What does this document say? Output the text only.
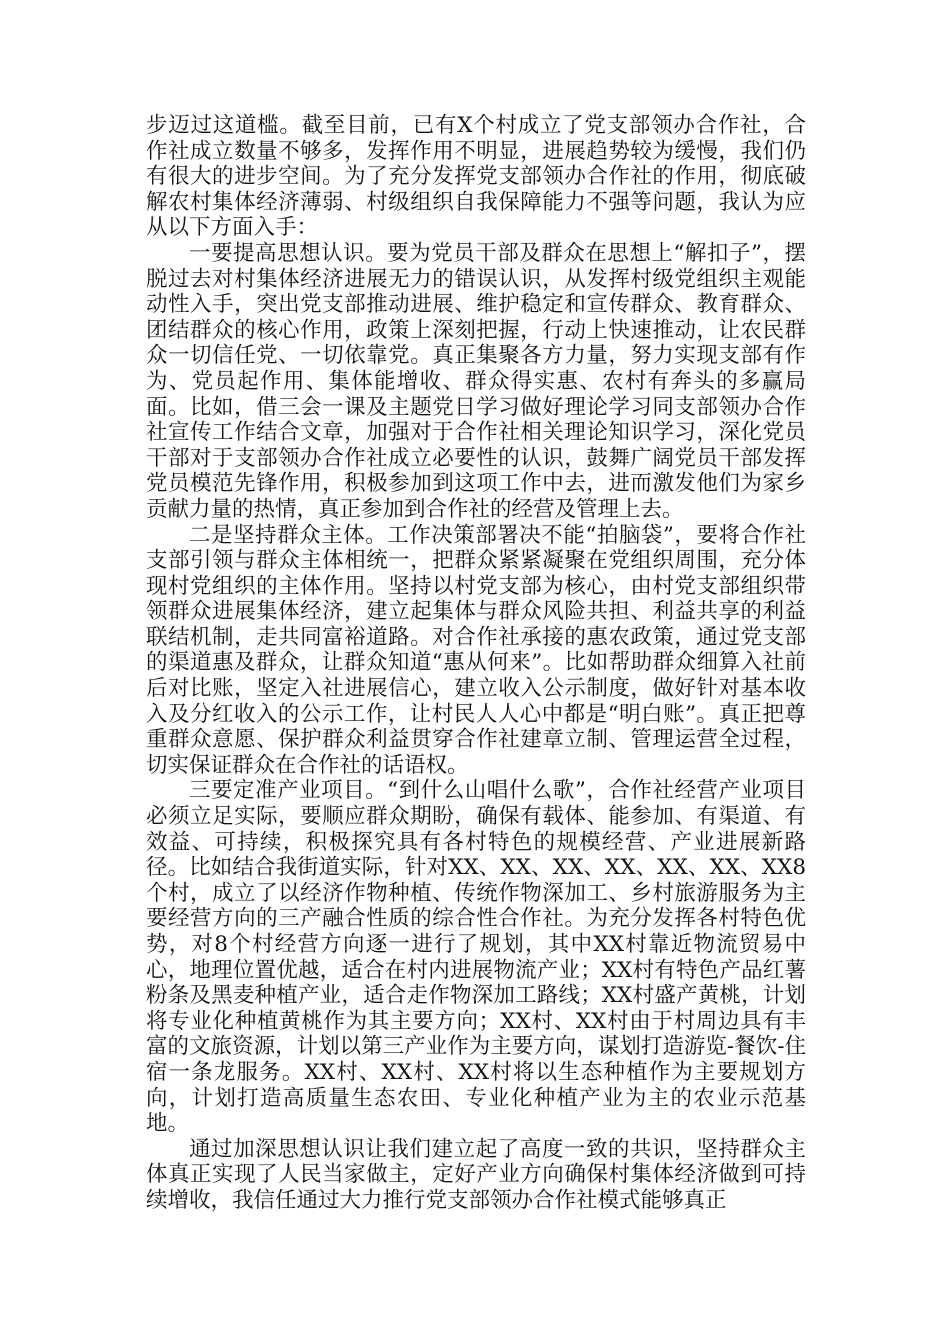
步迈过这道槛。截至目前，已有X个村成立了党支部领办合作社，合作社成立数量不够多，发挥作用不明显，进展趋势较为缓慢，我们仍有很大的进步空间。为了充分发挥党支部领办合作社的作用，彻底破解农村集体经济薄弱、村级组织自我保障能力不强等问题，我认为应从以下方面入手：

一要提高思想认识。要为党员干部及群众在思想上“解扣子”，摆脱过去对村集体经济进展无力的错误认识，从发挥村级党组织主观能动性入手，突出党支部推动进展、维护稳定和宣传群众、教育群众、团结群众的核心作用，政策上深刻把握，行动上快速推动，让农民群众一切信任党、一切依靠党。真正集聚各方力量，努力实现支部有作为、党员起作用、集体能增收、群众得实惠、农村有奔头的多赢局面。比如，借三会一课及主题党日学习做好理论学习同支部领办合作社宣传工作结合文章，加强对于合作社相关理论知识学习，深化党员干部对于支部领办合作社成立必要性的认识，鼓舞广阔党员干部发挥党员模范先锋作用，积极参加到这项工作中去，进而激发他们为家乡贡献力量的热情，真正参加到合作社的经营及管理上去。

二是坚持群众主体。工作决策部署决不能“拍脑袋”，要将合作社支部引领与群众主体相统一，把群众紧紧凝聚在党组织周围，充分体现村党组织的主体作用。坚持以村党支部为核心，由村党支部组织带领群众进展集体经济，建立起集体与群众风险共担、利益共享的利益联结机制，走共同富裕道路。对合作社承接的惠农政策，通过党支部的渠道惠及群众，让群众知道“惠从何来”。比如帮助群众细算入社前后对比账，坚定入社进展信心，建立收入公示制度，做好针对基本收入及分红收入的公示工作，让村民人人心中都是“明白账”。真正把尊重群众意愿、保护群众利益贯穿合作社建章立制、管理运营全过程，切实保证群众在合作社的话语权。

三要定准产业项目。“到什么山唱什么歌”，合作社经营产业项目必须立足实际，要顺应群众期盼，确保有载体、能参加、有渠道、有效益、可持续，积极探究具有各村特色的规模经营、产业进展新路径。比如结合我街道实际，针对XX、XX、XX、XX、XX、XX、XX8个村，成立了以经济作物种植、传统作物深加工、乡村旅游服务为主要经营方向的三产融合性质的综合性合作社。为充分发挥各村特色优势，对8个村经营方向逐一进行了规划，其中XX村靠近物流贸易中心，地理位置优越，适合在村内进展物流产业；XX村有特色产品红薯粉条及黑麦种植产业，适合走作物深加工路线；XX村盛产黄桃，计划将专业化种植黄桃作为其主要方向；XX村、XX村由于村周边具有丰富的文旅资源，计划以第三产业作为主要方向，谋划打造游览-餐饮-住宿一条龙服务。XX村、XX村、XX村将以生态种植作为主要规划方向，计划打造高质量生态农田、专业化种植产业为主的农业示范基地。

通过加深思想认识让我们建立起了高度一致的共识，坚持群众主体真正实现了人民当家做主，定好产业方向确保村集体经济做到可持续增收，我信任通过大力推行党支部领办合作社模式能够真正
